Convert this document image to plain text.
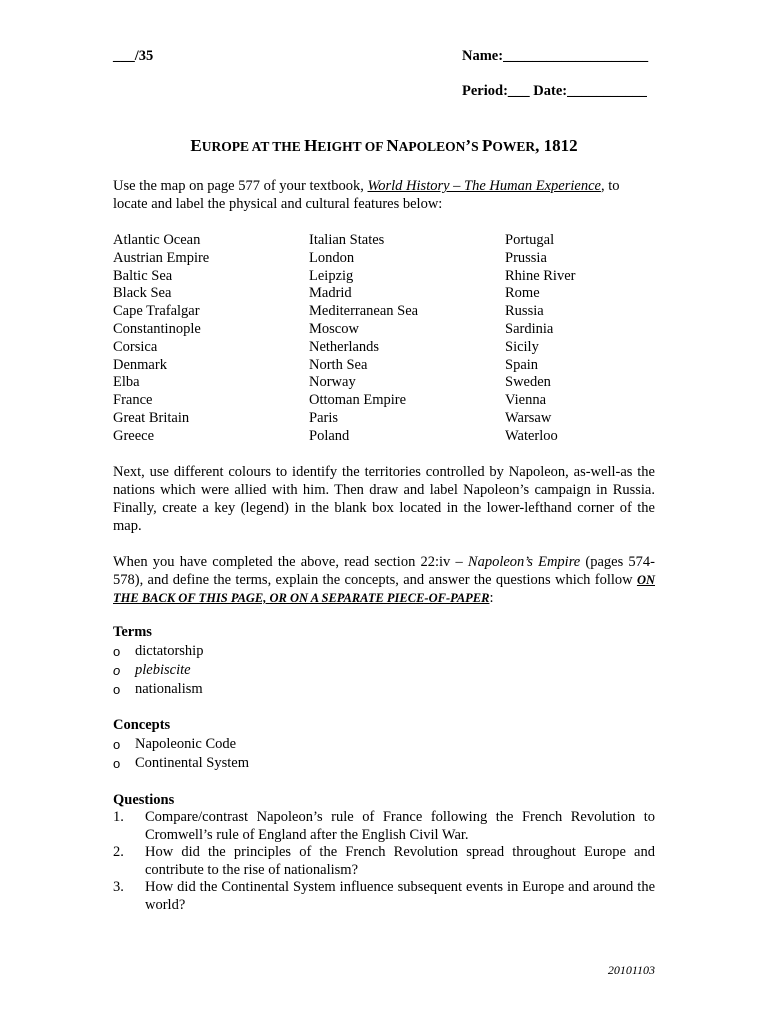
___/35	Name:____________________
Period:___ Date:___________
EUROPE AT THE HEIGHT OF NAPOLEON’S POWER, 1812
Use the map on page 577 of your textbook, World History – The Human Experience, to locate and label the physical and cultural features below:
Atlantic Ocean
Austrian Empire
Baltic Sea
Black Sea
Cape Trafalgar
Constantinople
Corsica
Denmark
Elba
France
Great Britain
Greece
Italian States
London
Leipzig
Madrid
Mediterranean Sea
Moscow
Netherlands
North Sea
Norway
Ottoman Empire
Paris
Poland
Portugal
Prussia
Rhine River
Rome
Russia
Sardinia
Sicily
Spain
Sweden
Vienna
Warsaw
Waterloo
Next, use different colours to identify the territories controlled by Napoleon, as-well-as the nations which were allied with him. Then draw and label Napoleon’s campaign in Russia. Finally, create a key (legend) in the blank box located in the lower-lefthand corner of the map.
When you have completed the above, read section 22:iv – Napoleon’s Empire (pages 574-578), and define the terms, explain the concepts, and answer the questions which follow ON THE BACK OF THIS PAGE, OR ON A SEPARATE PIECE-OF-PAPER:
Terms
o dictatorship
o plebiscite
o nationalism
Concepts
o Napoleonic Code
o Continental System
Questions
1. Compare/contrast Napoleon’s rule of France following the French Revolution to Cromwell’s rule of England after the English Civil War.
2. How did the principles of the French Revolution spread throughout Europe and contribute to the rise of nationalism?
3. How did the Continental System influence subsequent events in Europe and around the world?
20101103
